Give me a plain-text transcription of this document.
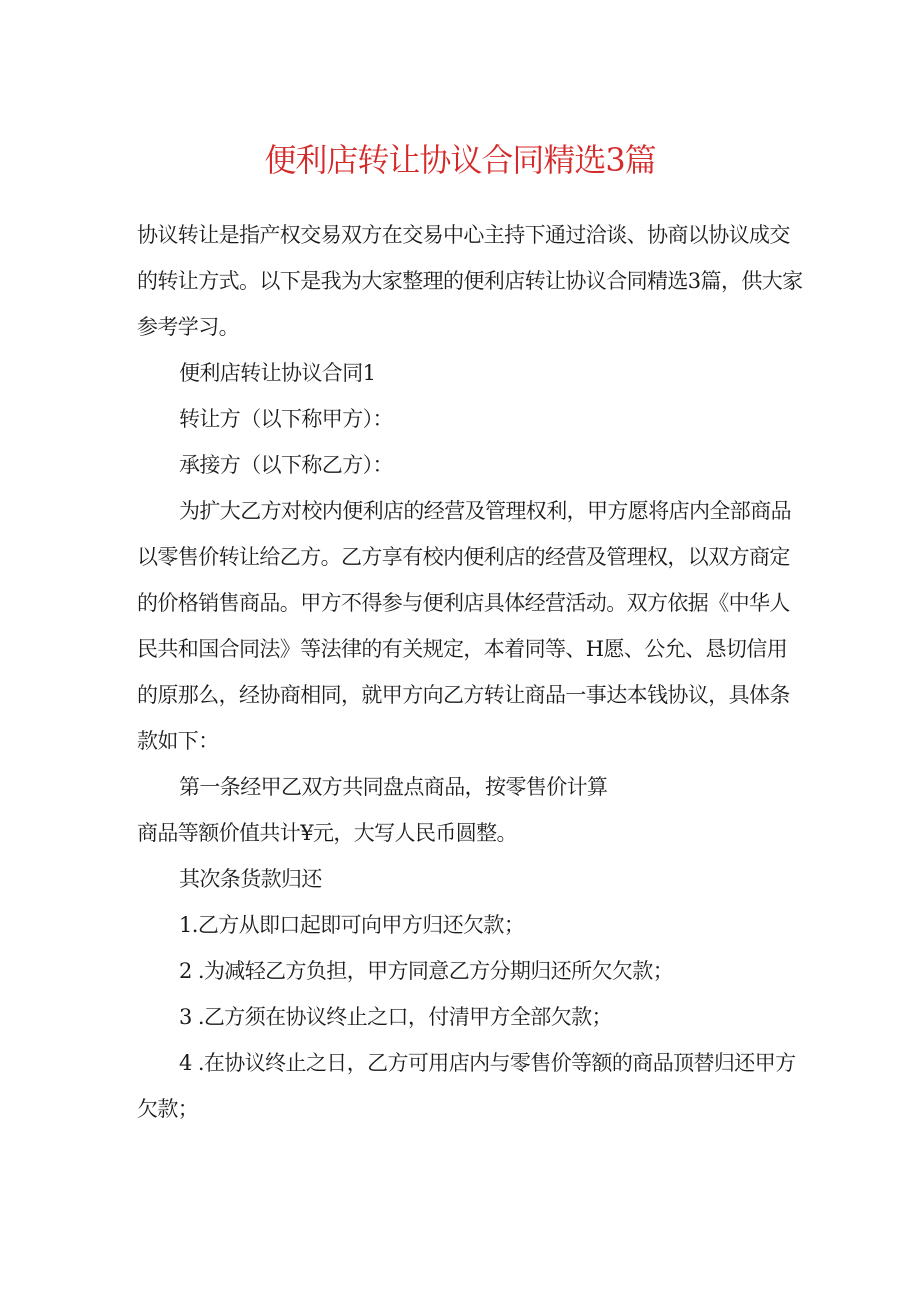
便利店转让协议合同精选3篇

协议转让是指产权交易双方在交易中心主持下通过洽谈、协商以协议成交
的转让方式。以下是我为大家整理的便利店转让协议合同精选3篇，供大家
参考学习。

便利店转让协议合同1

转让方（以下称甲方）：

承接方（以下称乙方）：

为扩大乙方对校内便利店的经营及管理权利，甲方愿将店内全部商品
以零售价转让给乙方。乙方享有校内便利店的经营及管理权，以双方商定
的价格销售商品。甲方不得参与便利店具体经营活动。双方依据《中华人
民共和国合同法》等法律的有关规定，本着同等、H愿、公允、恳切信用
的原那么，经协商相同，就甲方向乙方转让商品一事达本钱协议，具体条
款如下：

第一条经甲乙双方共同盘点商品，按零售价计算
商品等额价值共计¥元，大写人民币圆整。

其次条货款归还

1.乙方从即口起即可向甲方归还欠款；

2 .为减轻乙方负担，甲方同意乙方分期归还所欠欠款；

3 .乙方须在协议终止之口，付清甲方全部欠款；

4 .在协议终止之日，乙方可用店内与零售价等额的商品顶替归还甲方
欠款；
